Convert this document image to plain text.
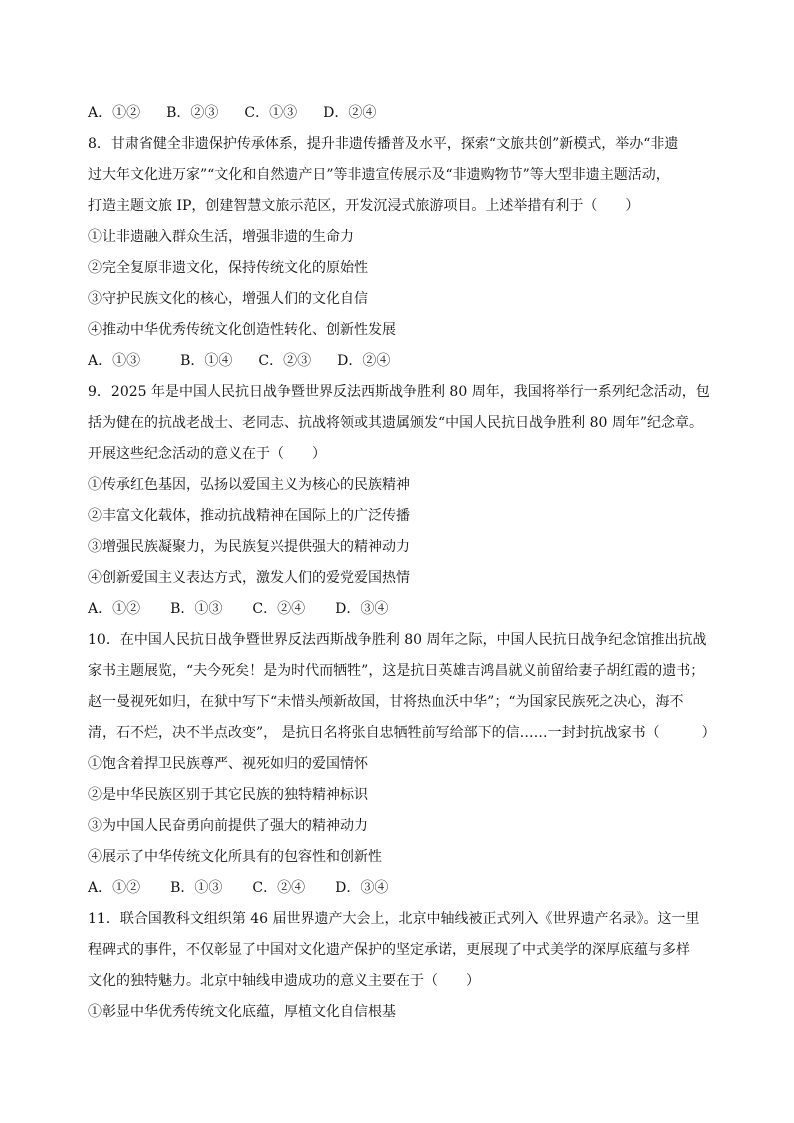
A．①② B．②③ C．①③ D．②④
8．甘肃省健全非遗保护传承体系，提升非遗传播普及水平，探索“文旅共创”新模式，举办“非遗
过大年文化进万家”“文化和自然遗产日”等非遗宣传展示及“非遗购物节”等大型非遗主题活动，
打造主题文旅 IP，创建智慧文旅示范区，开发沉浸式旅游项目。上述举措有利于（　　）
①让非遗融入群众生活，增强非遗的生命力
②完全复原非遗文化，保持传统文化的原始性
③守护民族文化的核心，增强人们的文化自信
④推动中华优秀传统文化创造性转化、创新性发展
A．①③	B．①④ C．②③ D．②④
9．2025 年是中国人民抗日战争暨世界反法西斯战争胜利 80 周年，我国将举行一系列纪念活动，包
括为健在的抗战老战士、老同志、抗战将领或其遗属颁发“中国人民抗日战争胜利 80 周年”纪念章。
开展这些纪念活动的意义在于（　　）
①传承红色基因，弘扬以爱国主义为核心的民族精神
②丰富文化载体，推动抗战精神在国际上的广泛传播
③增强民族凝聚力，为民族复兴提供强大的精神动力
④创新爱国主义表达方式，激发人们的爱党爱国热情
A．①② B．①③ C．②④ D．③④
10．在中国人民抗日战争暨世界反法西斯战争胜利 80 周年之际，中国人民抗日战争纪念馆推出抗战
家书主题展览，“夫今死矣！是为时代而牺牲”，这是抗日英雄吉鸿昌就义前留给妻子胡红霞的遗书；
赵一曼视死如归，在狱中写下“未惜头颅新故国，甘将热血沃中华”；“为国家民族死之决心，海不
清，石不烂，决不半点改变”， 是抗日名将张自忠牺牲前写给部下的信……一封封抗战家书（　　　）
①饱含着捍卫民族尊严、视死如归的爱国情怀
②是中华民族区别于其它民族的独特精神标识
③为中国人民奋勇向前提供了强大的精神动力
④展示了中华传统文化所具有的包容性和创新性
A．①② B．①③ C．②④ D．③④
11．联合国教科文组织第 46 届世界遗产大会上，北京中轴线被正式列入《世界遗产名录》。这一里
程碑式的事件，不仅彰显了中国对文化遗产保护的坚定承诺，更展现了中式美学的深厚底蕴与多样
文化的独特魅力。北京中轴线申遗成功的意义主要在于（　　）
①彰显中华优秀传统文化底蕴，厚植文化自信根基
